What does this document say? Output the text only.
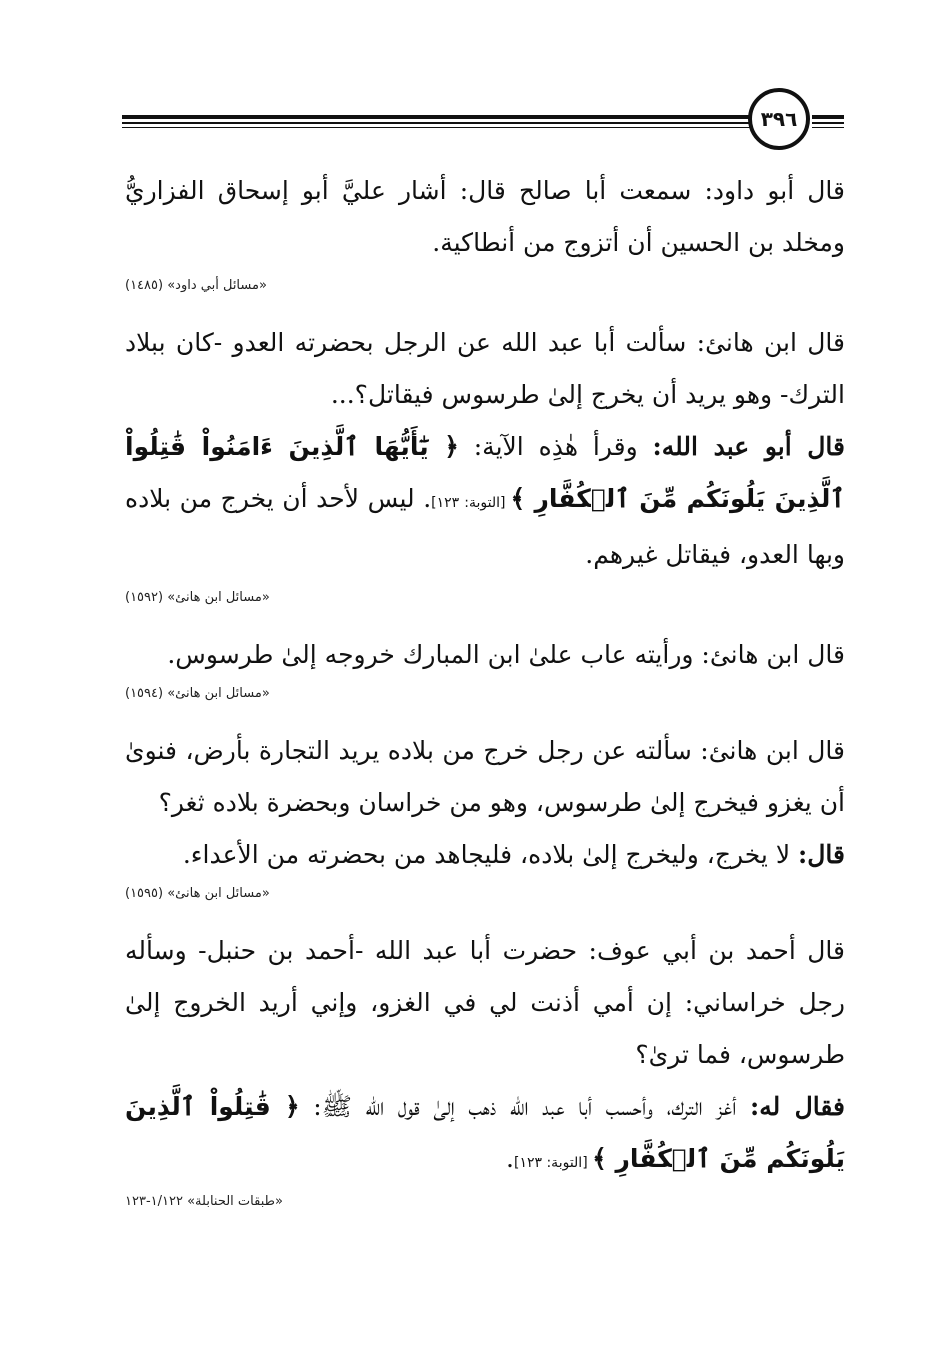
٣٩٦

قال أبو داود: سمعت أبا صالح قال: أشار عليَّ أبو إسحاق الفزاريُّ ومخلد بن الحسين أن أتزوج من أنطاكية.

«مسائل أبي داود» (١٤٨٥)

قال ابن هانئ: سألت أبا عبد الله عن الرجل بحضرته العدو -كان ببلاد الترك- وهو يريد أن يخرج إلىٰ طرسوس فيقاتل؟...

قال أبو عبد الله: وقرأ هٰذِه الآية: ﴿ يَٰٓأَيُّهَا ٱلَّذِينَ ءَامَنُواْ قَٰتِلُواْ ٱلَّذِينَ يَلُونَكُم مِّنَ ٱلۡكُفَّارِ ﴾ [التوبة: ١٢٣]. ليس لأحد أن يخرج من بلاده وبها العدو، فيقاتل غيرهم.

«مسائل ابن هانئ» (١٥٩٢)

قال ابن هانئ: ورأيته عاب علىٰ ابن المبارك خروجه إلىٰ طرسوس.

«مسائل ابن هانئ» (١٥٩٤)

قال ابن هانئ: سألته عن رجل خرج من بلاده يريد التجارة بأرض، فنوىٰ أن يغزو فيخرج إلىٰ طرسوس، وهو من خراسان وبحضرة بلاده ثغر؟

قال: لا يخرج، وليخرج إلىٰ بلاده، فليجاهد من بحضرته من الأعداء.

«مسائل ابن هانئ» (١٥٩٥)

قال أحمد بن أبي عوف: حضرت أبا عبد الله -أحمد بن حنبل- وسأله رجل خراساني: إن أمي أذنت لي في الغزو، وإني أريد الخروج إلىٰ طرسوس، فما ترىٰ؟

فقال له: أغز الترك، وأحسب أبا عبد الله ذهب إلىٰ قول الله ﷺ: ﴿ قَٰتِلُواْ ٱلَّذِينَ يَلُونَكُم مِّنَ ٱلۡكُفَّارِ ﴾ [التوبة: ١٢٣].

«طبقات الحنابلة» ١/١٢٢-١٢٣
